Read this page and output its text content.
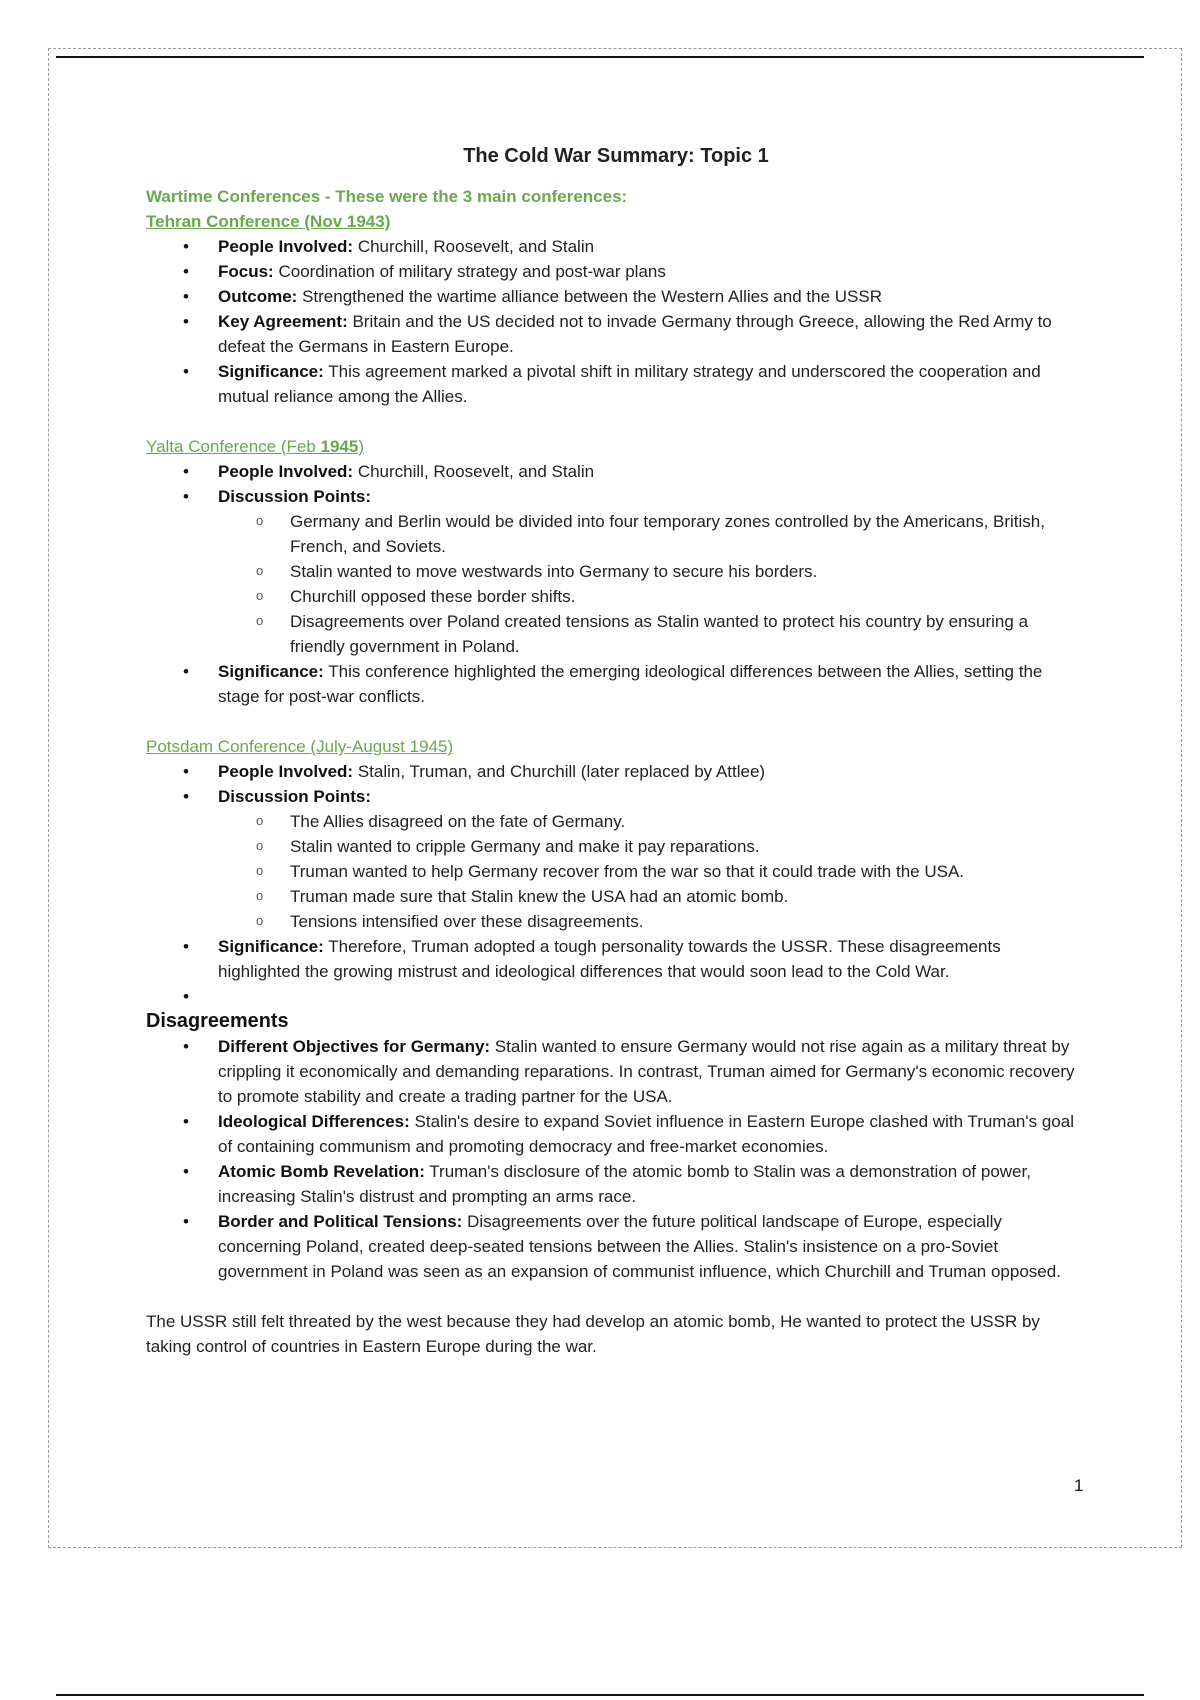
The Cold War Summary: Topic 1

Wartime Conferences - These were the 3 main conferences:

Tehran Conference (Nov 1943)
• People Involved: Churchill, Roosevelt, and Stalin
• Focus: Coordination of military strategy and post-war plans
• Outcome: Strengthened the wartime alliance between the Western Allies and the USSR
• Key Agreement: Britain and the US decided not to invade Germany through Greece, allowing the Red Army to defeat the Germans in Eastern Europe.
• Significance: This agreement marked a pivotal shift in military strategy and underscored the cooperation and mutual reliance among the Allies.
Yalta Conference (Feb 1945)
• People Involved: Churchill, Roosevelt, and Stalin
• Discussion Points:
o Germany and Berlin would be divided into four temporary zones controlled by the Americans, British, French, and Soviets.
o Stalin wanted to move westwards into Germany to secure his borders.
o Churchill opposed these border shifts.
o Disagreements over Poland created tensions as Stalin wanted to protect his country by ensuring a friendly government in Poland.
• Significance: This conference highlighted the emerging ideological differences between the Allies, setting the stage for post-war conflicts.
Potsdam Conference (July-August 1945)
• People Involved: Stalin, Truman, and Churchill (later replaced by Attlee)
• Discussion Points:
o The Allies disagreed on the fate of Germany.
o Stalin wanted to cripple Germany and make it pay reparations.
o Truman wanted to help Germany recover from the war so that it could trade with the USA.
o Truman made sure that Stalin knew the USA had an atomic bomb.
o Tensions intensified over these disagreements.
• Significance: Therefore, Truman adopted a tough personality towards the USSR. These disagreements highlighted the growing mistrust and ideological differences that would soon lead to the Cold War.
•
Disagreements
• Different Objectives for Germany: Stalin wanted to ensure Germany would not rise again as a military threat by crippling it economically and demanding reparations. In contrast, Truman aimed for Germany's economic recovery to promote stability and create a trading partner for the USA.
• Ideological Differences: Stalin's desire to expand Soviet influence in Eastern Europe clashed with Truman's goal of containing communism and promoting democracy and free-market economies.
• Atomic Bomb Revelation: Truman's disclosure of the atomic bomb to Stalin was a demonstration of power, increasing Stalin's distrust and prompting an arms race.
• Border and Political Tensions: Disagreements over the future political landscape of Europe, especially concerning Poland, created deep-seated tensions between the Allies. Stalin's insistence on a pro-Soviet government in Poland was seen as an expansion of communist influence, which Churchill and Truman opposed.

The USSR still felt threated by the west because they had develop an atomic bomb, He wanted to protect the USSR by taking control of countries in Eastern Europe during the war.

1
